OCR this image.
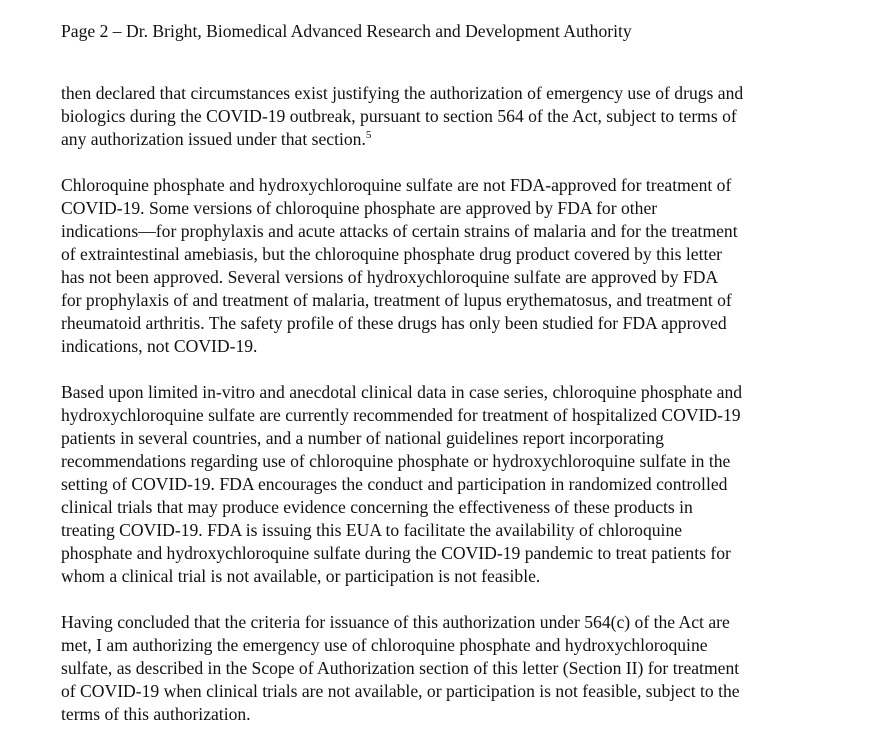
Page 2 – Dr. Bright, Biomedical Advanced Research and Development Authority
then declared that circumstances exist justifying the authorization of emergency use of drugs and
biologics during the COVID-19 outbreak, pursuant to section 564 of the Act, subject to terms of
any authorization issued under that section.$^5$
Chloroquine phosphate and hydroxychloroquine sulfate are not FDA-approved for treatment of
COVID-19. Some versions of chloroquine phosphate are approved by FDA for other
indications—for prophylaxis and acute attacks of certain strains of malaria and for the treatment
of extraintestinal amebiasis, but the chloroquine phosphate drug product covered by this letter
has not been approved. Several versions of hydroxychloroquine sulfate are approved by FDA
for prophylaxis of and treatment of malaria, treatment of lupus erythematosus, and treatment of
rheumatoid arthritis. The safety profile of these drugs has only been studied for FDA approved
indications, not COVID-19.
Based upon limited in-vitro and anecdotal clinical data in case series, chloroquine phosphate and
hydroxychloroquine sulfate are currently recommended for treatment of hospitalized COVID-19
patients in several countries, and a number of national guidelines report incorporating
recommendations regarding use of chloroquine phosphate or hydroxychloroquine sulfate in the
setting of COVID-19. FDA encourages the conduct and participation in randomized controlled
clinical trials that may produce evidence concerning the effectiveness of these products in
treating COVID-19. FDA is issuing this EUA to facilitate the availability of chloroquine
phosphate and hydroxychloroquine sulfate during the COVID-19 pandemic to treat patients for
whom a clinical trial is not available, or participation is not feasible.
Having concluded that the criteria for issuance of this authorization under 564(c) of the Act are
met, I am authorizing the emergency use of chloroquine phosphate and hydroxychloroquine
sulfate, as described in the Scope of Authorization section of this letter (Section II) for treatment
of COVID-19 when clinical trials are not available, or participation is not feasible, subject to the
terms of this authorization.
